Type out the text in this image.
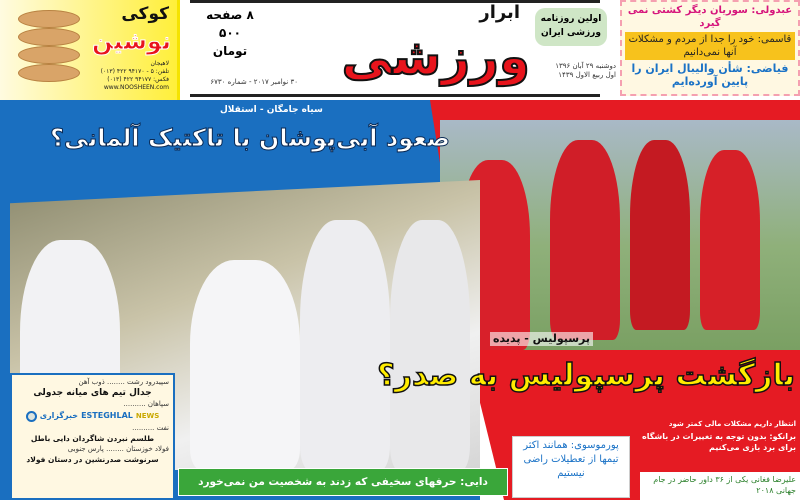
کوکی
نوشین
لاهیجان
تلفن: ۵ - ۹۴۱۷۰ ۴۲۲ (۰۱۳)
فکس: ۹۴۱۷۷ ۴۲۲ (۰۱۳)
www.NOOSHEEN.com
۸ صفحه
۵۰۰ تومان
۳۰ نوامبر ۲۰۱۷ - شماره ۶۷۳۰
ابرار
ورزشی
اولین روزنامه ورزشی ایران
دوشنبه ۲۹ آبان ۱۳۹۶
اول ربیع الاول ۱۴۳۹
عبدولی: سوریان دیگر کشتی نمی گیرد
قاسمی: خود را جدا از مردم و مشکلات آنها نمی‌دانیم
فیاضی: شأن والیبال ایران را پایین آورده‌ایم
سیاه جامگان - استقلال
صعود آبی‌پوشان با تاکتیک آلمانی؟
پرسپولیس - پدیده
بازگشت پرسپولیس به صدر؟
انتظار داریم مشکلات مالی کمتر شود
برانکو: بدون توجه به تغییرات در باشگاه برای برد بازی می‌کنیم
پورموسوی: همانند اکثر تیمها از تعطیلات راضی نیستیم
علیرضا فغانی یکی از ۳۶ داور حاضر در جام جهانی ۲۰۱۸
دایی: حرفهای سخیفی که زدند به شخصیت من نمی‌خورد
سپیدرود رشت ........ ذوب آهن
جدال تیم های میانه جدولی
سپاهان ..........
خبرگزاری ESTEGHLAL NEWS
نفت ..........
طلسم نبردن شاگردان دایی باطل
فولاد خوزستان ........ پارس جنوبی
سرنوشت صدرنشین در دستان فولاد
